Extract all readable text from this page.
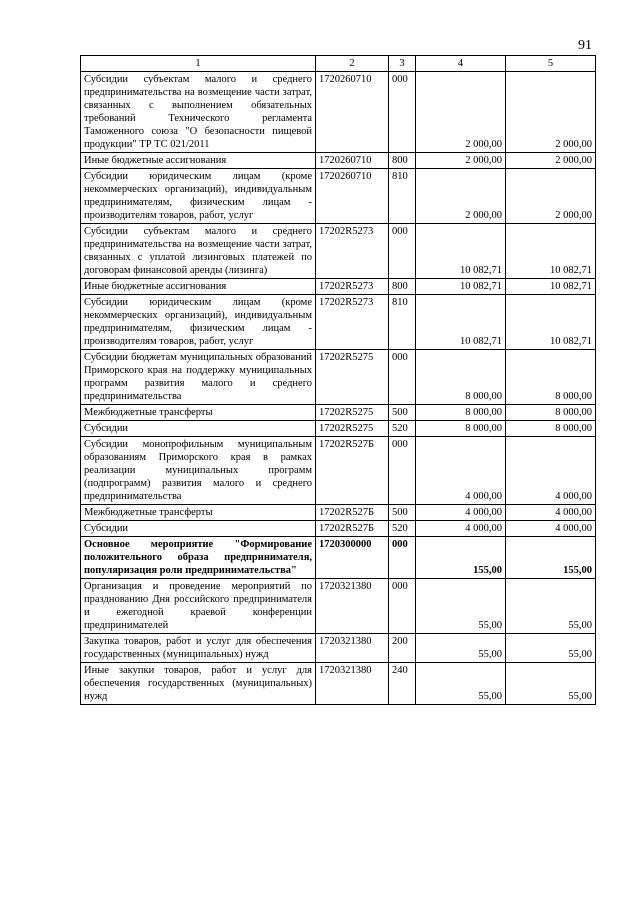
91
1	2	3	4	5
Субсидии субъектам малого и среднего предпринимательства на возмещение части затрат, связанных с выполнением обязательных требований Технического регламента Таможенного союза "О безопасности пищевой продукции" ТР ТС 021/2011	1720260710	000	2 000,00	2 000,00
Иные бюджетные ассигнования	1720260710	800	2 000,00	2 000,00
Субсидии юридическим лицам (кроме некоммерческих организаций), индивидуальным предпринимателям, физическим лицам - производителям товаров, работ, услуг	1720260710	810	2 000,00	2 000,00
Субсидии субъектам малого и среднего предпринимательства на возмещение части затрат, связанных с уплатой лизинговых платежей по договорам финансовой аренды (лизинга)	17202R5273	000	10 082,71	10 082,71
Иные бюджетные ассигнования	17202R5273	800	10 082,71	10 082,71
Субсидии юридическим лицам (кроме некоммерческих организаций), индивидуальным предпринимателям, физическим лицам - производителям товаров, работ, услуг	17202R5273	810	10 082,71	10 082,71
Субсидии бюджетам муниципальных образований Приморского края на поддержку муниципальных программ развития малого и среднего предпринимательства	17202R5275	000	8 000,00	8 000,00
Межбюджетные трансферты	17202R5275	500	8 000,00	8 000,00
Субсидии	17202R5275	520	8 000,00	8 000,00
Субсидии монопрофильным муниципальным образованиям Приморского края в рамках реализации муниципальных программ (подпрограмм) развития малого и среднего предпринимательства	17202R527Б	000	4 000,00	4 000,00
Межбюджетные трансферты	17202R527Б	500	4 000,00	4 000,00
Субсидии	17202R527Б	520	4 000,00	4 000,00
Основное мероприятие "Формирование положительного образа предпринимателя, популяризация роли предпринимательства"	1720300000	000	155,00	155,00
Организация и проведение мероприятий по празднованию Дня российского предпринимателя и ежегодной краевой конференции предпринимателей	1720321380	000	55,00	55,00
Закупка товаров, работ и услуг для обеспечения государственных (муниципальных) нужд	1720321380	200	55,00	55,00
Иные закупки товаров, работ и услуг для обеспечения государственных (муниципальных) нужд	1720321380	240	55,00	55,00
